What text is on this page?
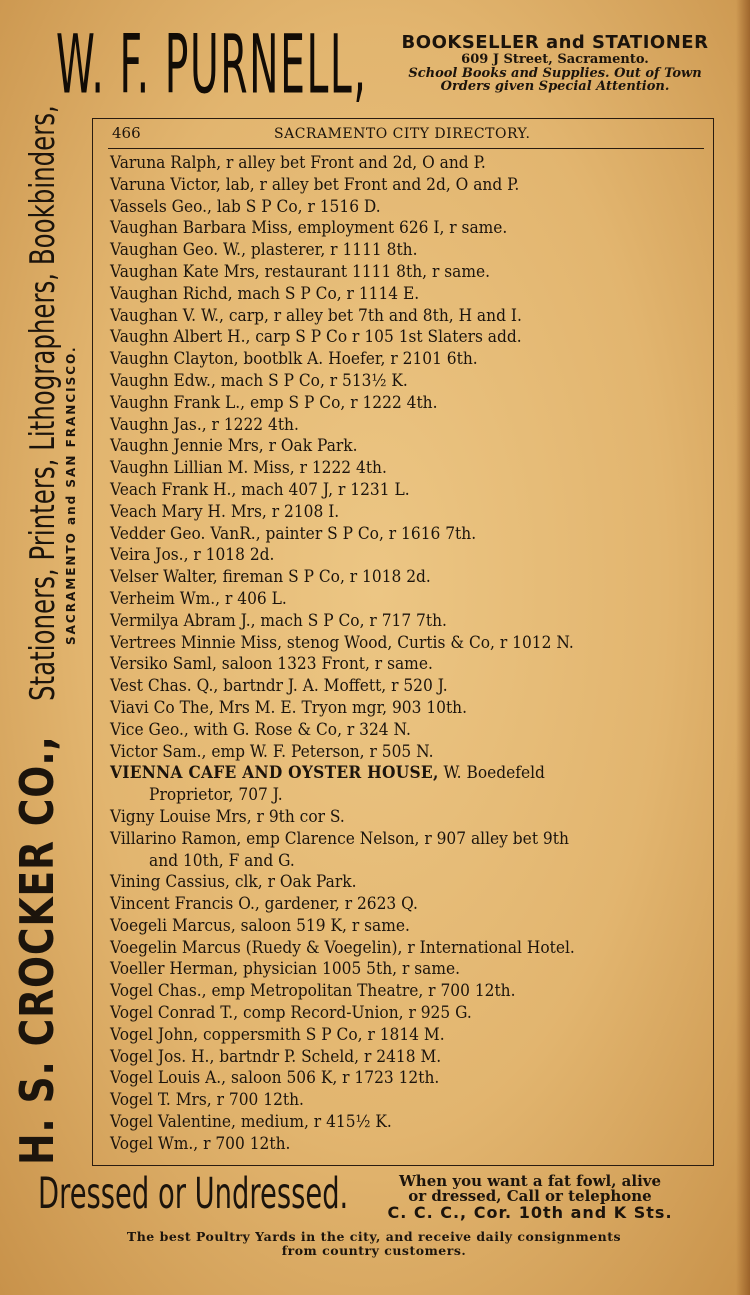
W. F. PURNELL,	BOOKSELLER and STATIONER
609 J Street, Sacramento.
School Books and Supplies. Out of Town
Orders given Special Attention.
H. S. CROCKER CO.,Stationers, Printers, Lithographers, Bookbinders, SACRAMENTO and SAN FRANCISCO.
466	SACRAMENTO CITY DIRECTORY.
Varuna Ralph, r alley bet Front and 2d, O and P.
Varuna Victor, lab, r alley bet Front and 2d, O and P.
Vassels Geo., lab S P Co, r 1516 D.
Vaughan Barbara Miss, employment 626 I, r same.
Vaughan Geo. W., plasterer, r 1111 8th.
Vaughan Kate Mrs, restaurant 1111 8th, r same.
Vaughan Richd, mach S P Co, r 1114 E.
Vaughan V. W., carp, r alley bet 7th and 8th, H and I.
Vaughn Albert H., carp S P Co r 105 1st Slaters add.
Vaughn Clayton, bootblk A. Hoefer, r 2101 6th.
Vaughn Edw., mach S P Co, r 513½ K.
Vaughn Frank L., emp S P Co, r 1222 4th.
Vaughn Jas., r 1222 4th.
Vaughn Jennie Mrs, r Oak Park.
Vaughn Lillian M. Miss, r 1222 4th.
Veach Frank H., mach 407 J, r 1231 L.
Veach Mary H. Mrs, r 2108 I.
Vedder Geo. VanR., painter S P Co, r 1616 7th.
Veira Jos., r 1018 2d.
Velser Walter, fireman S P Co, r 1018 2d.
Verheim Wm., r 406 L.
Vermilya Abram J., mach S P Co, r 717 7th.
Vertrees Minnie Miss, stenog Wood, Curtis & Co, r 1012 N.
Versiko Saml, saloon 1323 Front, r same.
Vest Chas. Q., bartndr J. A. Moffett, r 520 J.
Viavi Co The, Mrs M. E. Tryon mgr, 903 10th.
Vice Geo., with G. Rose & Co, r 324 N.
Victor Sam., emp W. F. Peterson, r 505 N.
VIENNA CAFE AND OYSTER HOUSE, W. Boedefeld
Proprietor, 707 J.
Vigny Louise Mrs, r 9th cor S.
Villarino Ramon, emp Clarence Nelson, r 907 alley bet 9th
and 10th, F and G.
Vining Cassius, clk, r Oak Park.
Vincent Francis O., gardener, r 2623 Q.
Voegeli Marcus, saloon 519 K, r same.
Voegelin Marcus (Ruedy & Voegelin), r International Hotel.
Voeller Herman, physician 1005 5th, r same.
Vogel Chas., emp Metropolitan Theatre, r 700 12th.
Vogel Conrad T., comp Record-Union, r 925 G.
Vogel John, coppersmith S P Co, r 1814 M.
Vogel Jos. H., bartndr P. Scheld, r 2418 M.
Vogel Louis A., saloon 506 K, r 1723 12th.
Vogel T. Mrs, r 700 12th.
Vogel Valentine, medium, r 415½ K.
Vogel Wm., r 700 12th.
Dressed or Undressed.	When you want a fat fowl, alive
or dressed, Call or telephone
C. C. C., Cor. 10th and K Sts.
The best Poultry Yards in the city, and receive daily consignments
from country customers.
